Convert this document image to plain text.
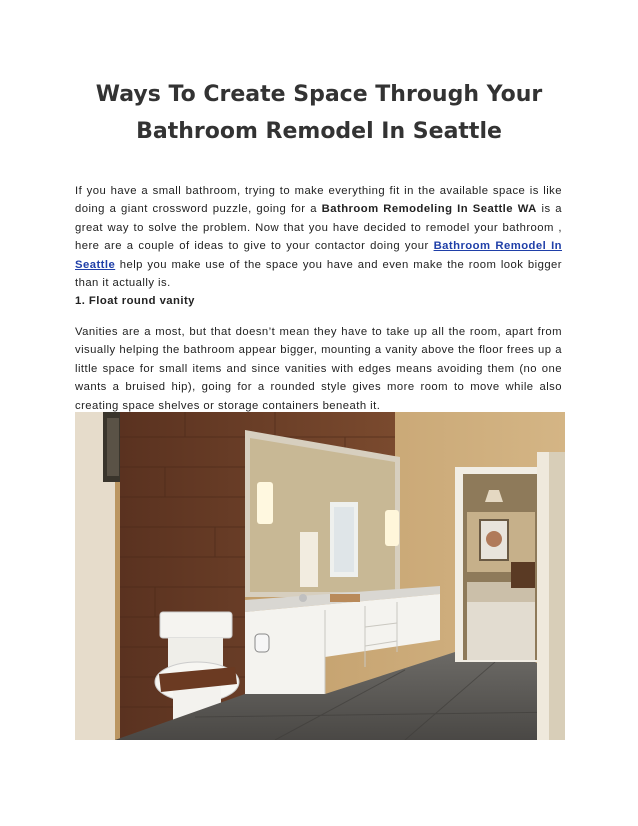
Ways To Create Space Through Your
Bathroom Remodel In Seattle

If you have a small bathroom, trying to make everything fit in the available space is like doing a giant crossword puzzle, going for a Bathroom Remodeling In Seattle WA is a great way to solve the problem. Now that you have decided to remodel your bathroom , here are a couple of ideas to give to your contactor doing your Bathroom Remodel In Seattle help you make use of the space you have and even make the room look bigger than it actually is.

1. Float round vanity

Vanities are a most, but that doesn’t mean they have to take up all the room, apart from visually helping the bathroom appear bigger, mounting a vanity above the floor frees up a little space for small items and since vanities with edges means avoiding them (no one wants a bruised hip), going for a rounded style gives more room to move while also creating space shelves or storage containers beneath it.
